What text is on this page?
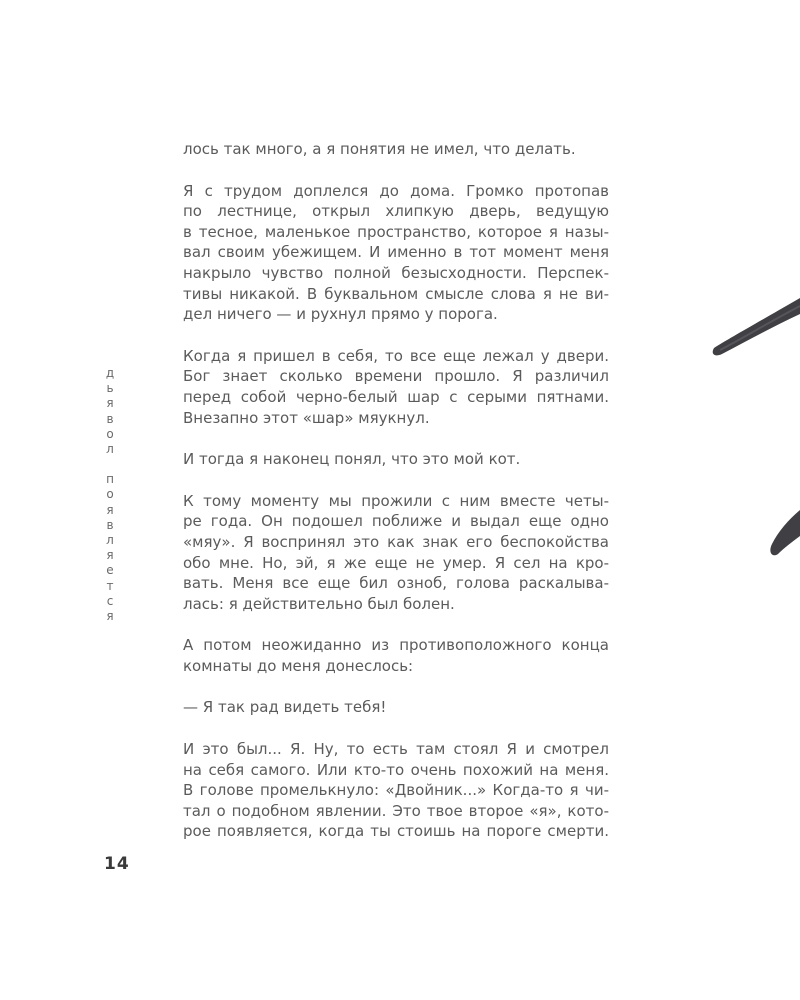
д
ь
я
в
о
л
п
о
я
в
л
я
е
т
с
я
14

лось так много, а я понятия не имел, что делать.

Я с трудом доплелся до дома. Громко протопав
по лестнице, открыл хлипкую дверь, ведущую
в тесное, маленькое пространство, которое я назы-
вал своим убежищем. И именно в тот момент меня
накрыло чувство полной безысходности. Перспек-
тивы никакой. В буквальном смысле слова я не ви-
дел ничего — и рухнул прямо у порога.

Когда я пришел в себя, то все еще лежал у двери.
Бог знает сколько времени прошло. Я различил
перед собой черно-белый шар с серыми пятнами.
Внезапно этот «шар» мяукнул.

И тогда я наконец понял, что это мой кот.

К тому моменту мы прожили с ним вместе четы-
ре года. Он подошел поближе и выдал еще одно
«мяу». Я воспринял это как знак его беспокойства
обо мне. Но, эй, я же еще не умер. Я сел на кро-
вать. Меня все еще бил озноб, голова раскалыва-
лась: я действительно был болен.

А потом неожиданно из противоположного конца
комнаты до меня донеслось:

— Я так рад видеть тебя!

И это был... Я. Ну, то есть там стоял Я и смотрел
на себя самого. Или кто-то очень похожий на меня.
В голове промелькнуло: «Двойник...» Когда-то я чи-
тал о подобном явлении. Это твое второе «я», кото-
рое появляется, когда ты стоишь на пороге смерти.
